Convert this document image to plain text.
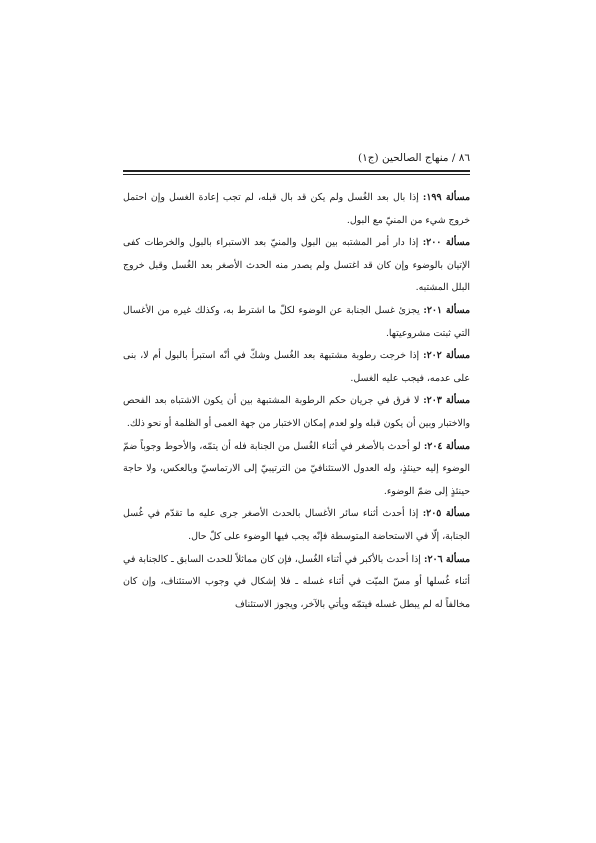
٨٦ / منهاج الصالحين (ج١)

مسألة ١٩٩: إذا بال بعد الغُسل ولم يكن قد بال قبله، لم تجب إعادة الغسل وإن احتمل خروج شيء من المنيّ مع البول.

مسألة ٢٠٠: إذا دار أمر المشتبه بين البول والمنيّ بعد الاستبراء بالبول والخرطات كفى الإتيان بالوضوء وإن كان قد اغتسل ولم يصدر منه الحدث الأصغر بعد الغُسل وقبل خروج البلل المشتبه.

مسألة ٢٠١: يجزئ غسل الجنابة عن الوضوء لكلّ ما اشترط به، وكذلك غيره من الأغسال التي ثبتت مشروعيتها.

مسألة ٢٠٢: إذا خرجت رطوبة مشتبهة بعد الغُسل وشكّ في أنّه استبرأ بالبول أم لا، بنى على عدمه، فيجب عليه الغسل.

مسألة ٢٠٣: لا فرق في جريان حكم الرطوبة المشتبهة بين أن يكون الاشتباه بعد الفحص والاختبار وبين أن يكون قبله ولو لعدم إمكان الاختبار من جهة العمى أو الظلمة أو نحو ذلك.

مسألة ٢٠٤: لو أحدث بالأصغر في أثناء الغُسل من الجنابة فله أن يتمّه، والأحوط وجوباً ضمّ الوضوء إليه حينئذٍ، وله العدول الاستئنافيّ من الترتيبيّ إلى الارتماسيّ وبالعكس، ولا حاجة حينئذٍ إلى ضمّ الوضوء.

مسألة ٢٠٥: إذا أحدث أثناء سائر الأغسال بالحدث الأصغر جرى عليه ما تقدّم في غُسل الجنابة، إلّا في الاستحاضة المتوسطة فإنّه يجب فيها الوضوء على كلّ حال.

مسألة ٢٠٦: إذا أحدث بالأكبر في أثناء الغُسل، فإن كان مماثلاً للحدث السابق ـ كالجنابة في أثناء غُسلها أو مسّ الميّت في أثناء غسله ـ فلا إشكال في وجوب الاستئناف، وإن كان مخالفاً له لم يبطل غسله فيتمّه ويأتي بالآخر، ويجوز الاستئناف
